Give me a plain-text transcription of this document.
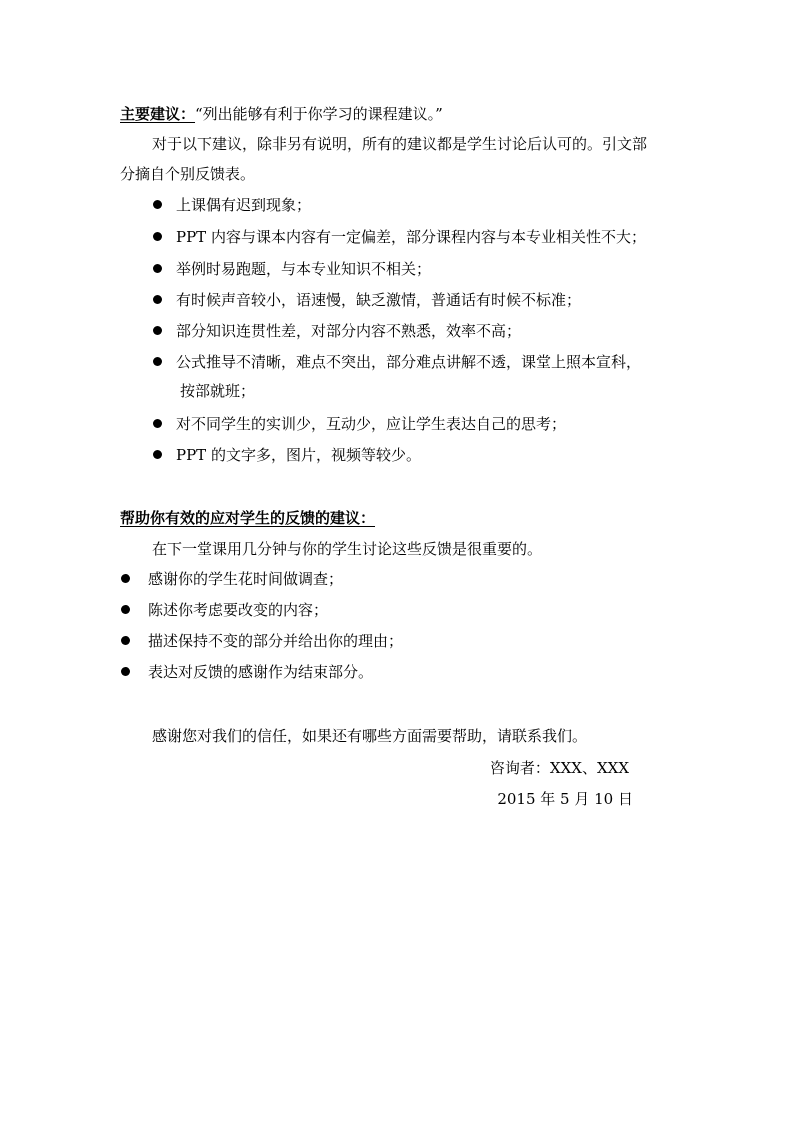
主要建议：“列出能够有利于你学习的课程建议。”
对于以下建议，除非另有说明，所有的建议都是学生讨论后认可的。引文部
分摘自个别反馈表。
上课偶有迟到现象；
PPT 内容与课本内容有一定偏差，部分课程内容与本专业相关性不大；
举例时易跑题，与本专业知识不相关；
有时候声音较小，语速慢，缺乏激情，普通话有时候不标准；
部分知识连贯性差，对部分内容不熟悉，效率不高；
公式推导不清晰，难点不突出，部分难点讲解不透，课堂上照本宣科，
按部就班；
对不同学生的实训少，互动少，应让学生表达自己的思考；
PPT 的文字多，图片，视频等较少。
帮助你有效的应对学生的反馈的建议：
在下一堂课用几分钟与你的学生讨论这些反馈是很重要的。
感谢你的学生花时间做调查；
陈述你考虑要改变的内容；
描述保持不变的部分并给出你的理由；
表达对反馈的感谢作为结束部分。
感谢您对我们的信任，如果还有哪些方面需要帮助，请联系我们。
咨询者：XXX、XXX
2015 年 5 月 10 日
